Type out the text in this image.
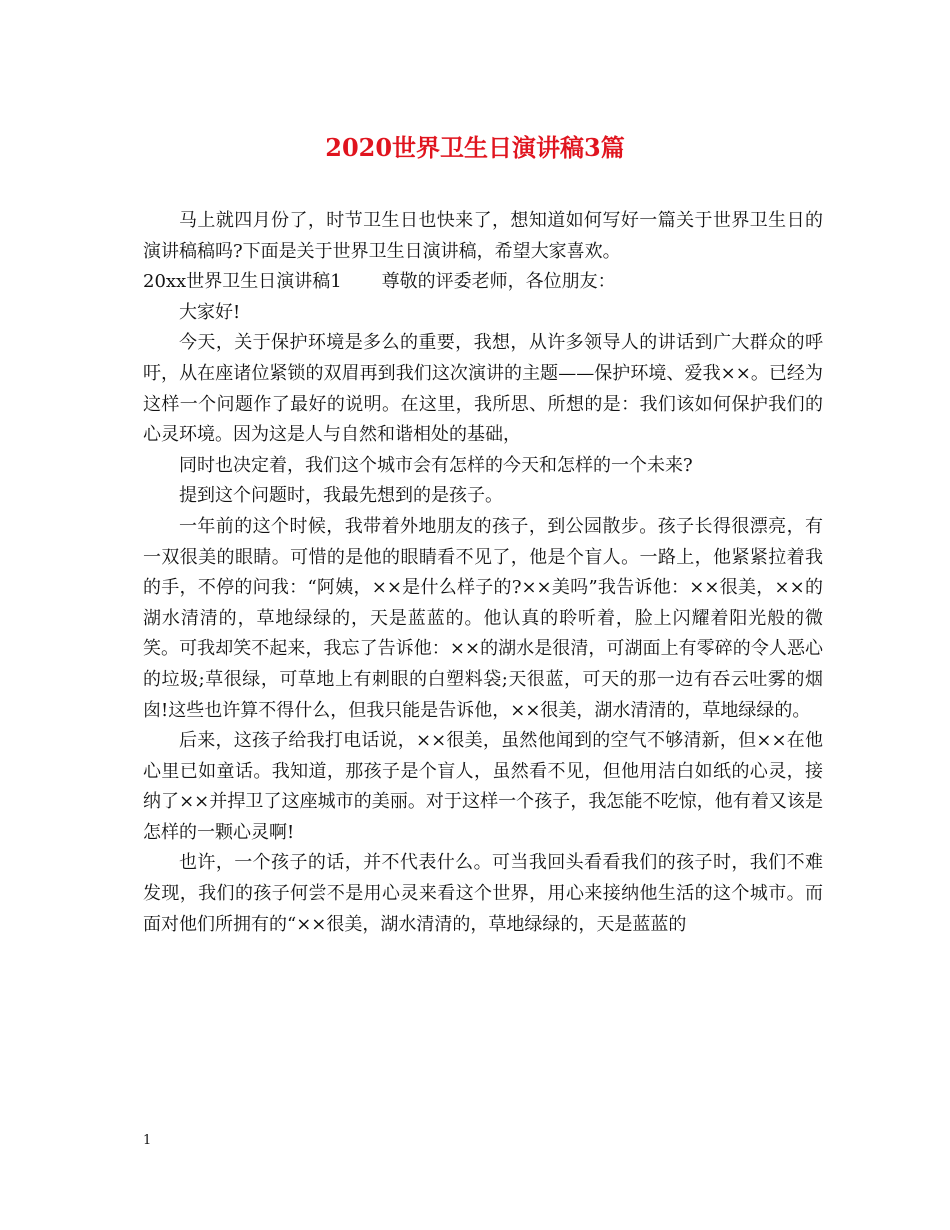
2020世界卫生日演讲稿3篇

马上就四月份了，时节卫生日也快来了，想知道如何写好一篇关于世界卫生日的演讲稿稿吗?下面是关于世界卫生日演讲稿，希望大家喜欢。

20xx世界卫生日演讲稿1 尊敬的评委老师，各位朋友：

大家好!

今天，关于保护环境是多么的重要，我想，从许多领导人的讲话到广大群众的呼吁，从在座诸位紧锁的双眉再到我们这次演讲的主题——保护环境、爱我××。已经为这样一个问题作了最好的说明。在这里，我所思、所想的是：我们该如何保护我们的心灵环境。因为这是人与自然和谐相处的基础，

同时也决定着，我们这个城市会有怎样的今天和怎样的一个未来?

提到这个问题时，我最先想到的是孩子。

一年前的这个时候，我带着外地朋友的孩子，到公园散步。孩子长得很漂亮，有一双很美的眼睛。可惜的是他的眼睛看不见了，他是个盲人。一路上，他紧紧拉着我的手，不停的问我：“阿姨，××是什么样子的?××美吗”我告诉他：××很美，××的湖水清清的，草地绿绿的，天是蓝蓝的。他认真的聆听着，脸上闪耀着阳光般的微笑。可我却笑不起来，我忘了告诉他：××的湖水是很清，可湖面上有零碎的令人恶心的垃圾;草很绿，可草地上有刺眼的白塑料袋;天很蓝，可天的那一边有吞云吐雾的烟囱!这些也许算不得什么，但我只能是告诉他，××很美，湖水清清的，草地绿绿的。

后来，这孩子给我打电话说，××很美，虽然他闻到的空气不够清新，但××在他心里已如童话。我知道，那孩子是个盲人，虽然看不见，但他用洁白如纸的心灵，接纳了××并捍卫了这座城市的美丽。对于这样一个孩子，我怎能不吃惊，他有着又该是怎样的一颗心灵啊!

也许，一个孩子的话，并不代表什么。可当我回头看看我们的孩子时，我们不难发现，我们的孩子何尝不是用心灵来看这个世界，用心来接纳他生活的这个城市。而面对他们所拥有的“××很美，湖水清清的，草地绿绿的，天是蓝蓝的

1
